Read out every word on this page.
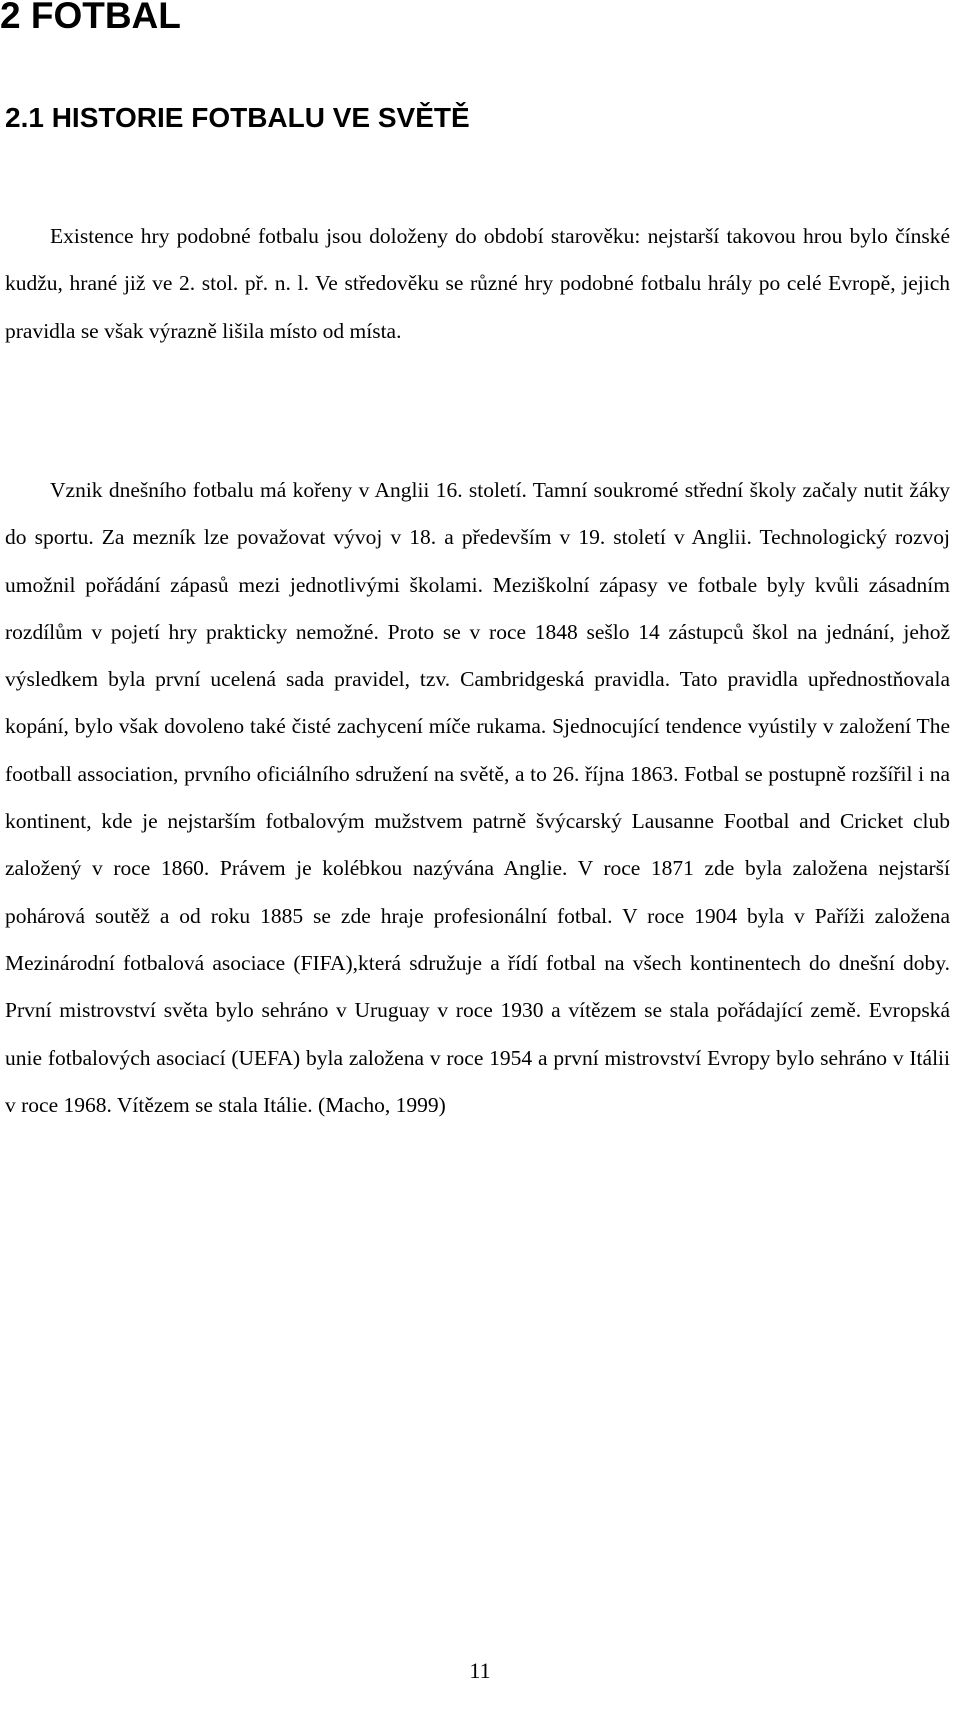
2 FOTBAL
2.1 HISTORIE FOTBALU VE SVĚTĚ

Existence hry podobné fotbalu jsou doloženy do období starověku: nejstarší takovou hrou bylo čínské kudžu, hrané již ve 2. stol. př. n. l. Ve středověku se různé hry podobné fotbalu hrály po celé Evropě, jejich pravidla se však výrazně lišila místo od místa.

Vznik dnešního fotbalu má kořeny v Anglii 16. století. Tamní soukromé střední školy začaly nutit žáky do sportu. Za mezník lze považovat vývoj v 18. a především v 19. století v Anglii. Technologický rozvoj umožnil pořádání zápasů mezi jednotlivými školami. Meziškolní zápasy ve fotbale byly kvůli zásadním rozdílům v pojetí hry prakticky nemožné. Proto se v roce 1848 sešlo 14 zástupců škol na jednání, jehož výsledkem byla první ucelená sada pravidel, tzv. Cambridgeská pravidla. Tato pravidla upřednostňovala kopání, bylo však dovoleno také čisté zachycení míče rukama. Sjednocující tendence vyústily v založení The football association, prvního oficiálního sdružení na světě, a to 26. října 1863. Fotbal se postupně rozšířil i na kontinent, kde je nejstarším fotbalovým mužstvem patrně švýcarský Lausanne Footbal and Cricket club založený v roce 1860. Právem je kolébkou nazývána Anglie. V roce 1871 zde byla založena nejstarší pohárová soutěž a od roku 1885 se zde hraje profesionální fotbal. V roce 1904 byla v Paříži založena Mezinárodní fotbalová asociace (FIFA),která sdružuje a řídí fotbal na všech kontinentech do dnešní doby. První mistrovství světa bylo sehráno v Uruguay v roce 1930 a vítězem se stala pořádající země. Evropská unie fotbalových asociací (UEFA) byla založena v roce 1954 a první mistrovství Evropy bylo sehráno v Itálii v roce 1968. Vítězem se stala Itálie. (Macho, 1999)

11
